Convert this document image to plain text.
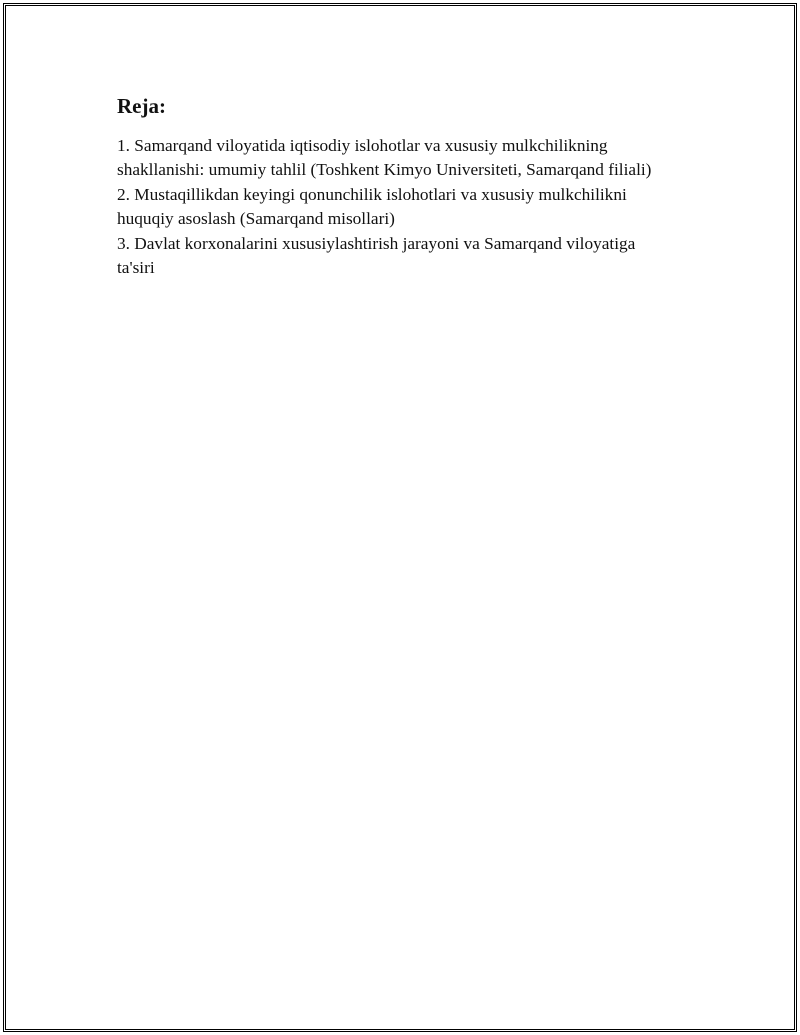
Reja:

1. Samarqand viloyatida iqtisodiy islohotlar va xususiy mulkchilikning shakllanishi: umumiy tahlil (Toshkent Kimyo Universiteti, Samarqand filiali)

2. Mustaqillikdan keyingi qonunchilik islohotlari va xususiy mulkchilikni huquqiy asoslash (Samarqand misollari)

3. Davlat korxonalarini xususiylashtirish jarayoni va Samarqand viloyatiga ta'siri
